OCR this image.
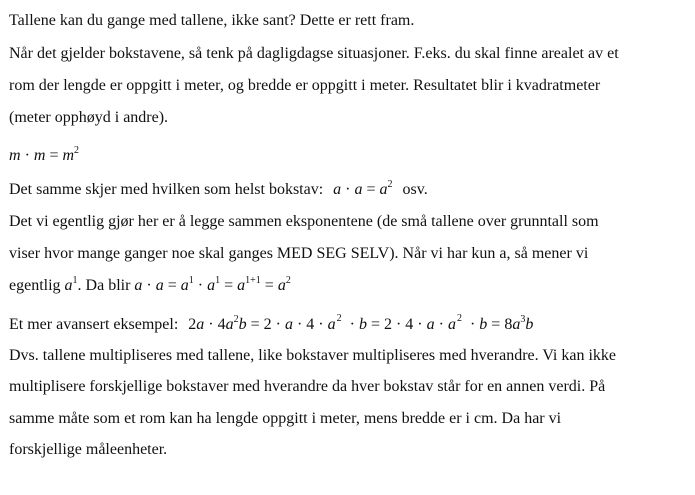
Tallene kan du gange med tallene, ikke sant? Dette er rett fram.
Når det gjelder bokstavene, så tenk på dagligdagse situasjoner. F.eks. du skal finne arealet av et
rom der lengde er oppgitt i meter, og bredde er oppgitt i meter. Resultatet blir i kvadratmeter
(meter opphøyd i andre).
$m \cdot m = m^2$
Det samme skjer med hvilken som helst bokstav: $a \cdot a = a^2$ osv.
Det vi egentlig gjør her er å legge sammen eksponentene (de små tallene over grunntall som
viser hvor mange ganger noe skal ganges MED SEG SELV). Når vi har kun a, så mener vi
egentlig $a^1$. Da blir $a \cdot a = a^1 \cdot a^1 = a^{1+1} = a^2$
Et mer avansert eksempel: $2a \cdot 4a^2b = 2 \cdot a \cdot 4 \cdot a$ 2 · b = 2 · 4 · a · a $2 \cdot b = 8a^3b$
Dvs. tallene multipliseres med tallene, like bokstaver multipliseres med hverandre. Vi kan ikke
multiplisere forskjellige bokstaver med hverandre da hver bokstav står for en annen verdi. På
samme måte som et rom kan ha lengde oppgitt i meter, mens bredde er i cm. Da har vi
forskjellige måleenheter.
